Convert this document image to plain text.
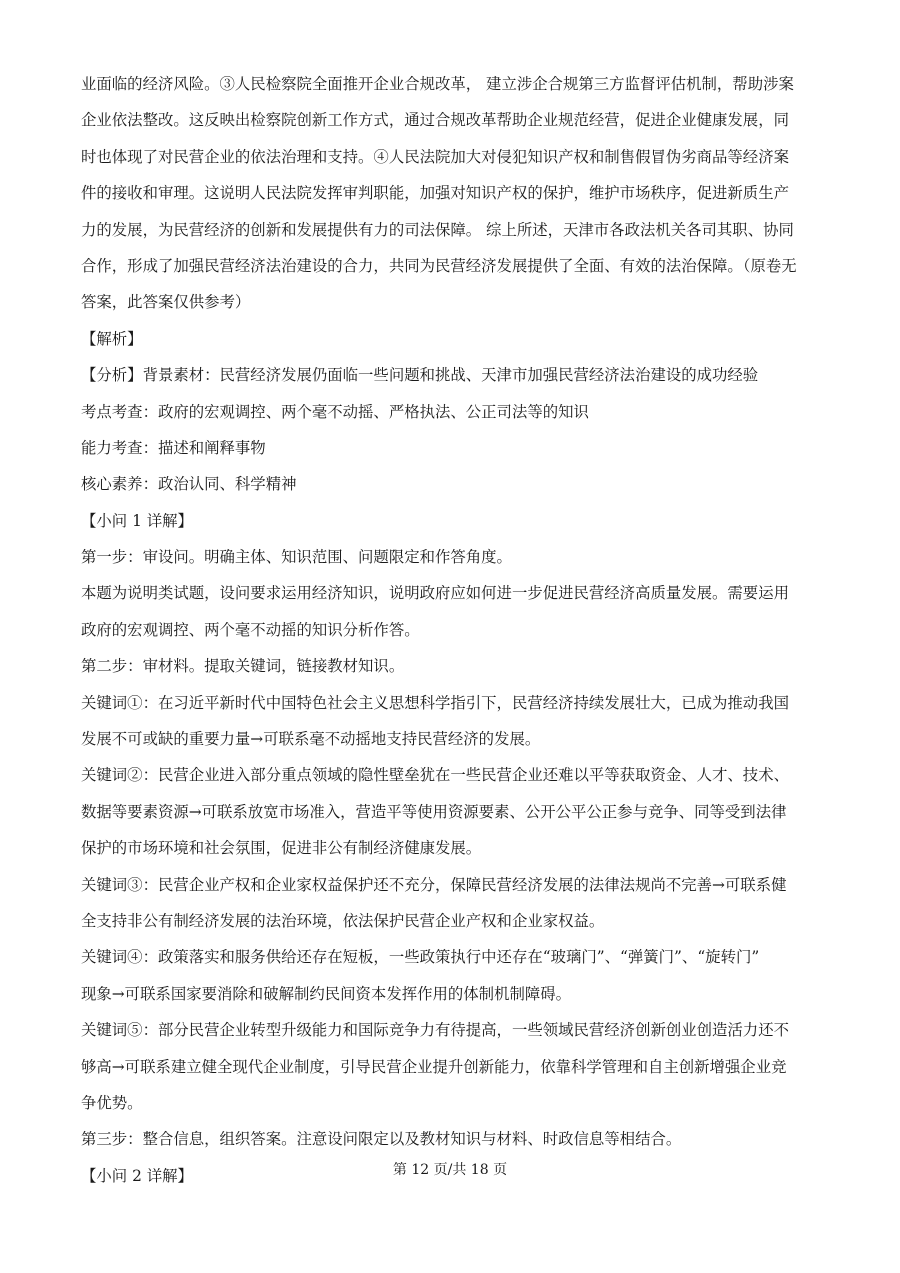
业面临的经济风险。③人民检察院全面推开企业合规改革， 建立涉企合规第三方监督评估机制，帮助涉案
企业依法整改。这反映出检察院创新工作方式，通过合规改革帮助企业规范经营，促进企业健康发展，同
时也体现了对民营企业的依法治理和支持。④人民法院加大对侵犯知识产权和制售假冒伪劣商品等经济案
件的接收和审理。这说明人民法院发挥审判职能，加强对知识产权的保护，维护市场秩序，促进新质生产
力的发展，为民营经济的创新和发展提供有力的司法保障。 综上所述，天津市各政法机关各司其职、协同
合作，形成了加强民营经济法治建设的合力，共同为民营经济发展提供了全面、有效的法治保障。（原卷无
答案，此答案仅供参考）
【解析】
【分析】背景素材：民营经济发展仍面临一些问题和挑战、天津市加强民营经济法治建设的成功经验
考点考查：政府的宏观调控、两个毫不动摇、严格执法、公正司法等的知识
能力考查：描述和阐释事物
核心素养：政治认同、科学精神
【小问 1 详解】
第一步：审设问。明确主体、知识范围、问题限定和作答角度。
本题为说明类试题，设问要求运用经济知识，说明政府应如何进一步促进民营经济高质量发展。需要运用
政府的宏观调控、两个毫不动摇的知识分析作答。
第二步：审材料。提取关键词，链接教材知识。
关键词①：在习近平新时代中国特色社会主义思想科学指引下，民营经济持续发展壮大，已成为推动我国
发展不可或缺的重要力量→可联系毫不动摇地支持民营经济的发展。
关键词②：民营企业进入部分重点领域的隐性壁垒犹在一些民营企业还难以平等获取资金、人才、技术、
数据等要素资源→可联系放宽市场准入，营造平等使用资源要素、公开公平公正参与竞争、同等受到法律
保护的市场环境和社会氛围，促进非公有制经济健康发展。
关键词③：民营企业产权和企业家权益保护还不充分，保障民营经济发展的法律法规尚不完善→可联系健
全支持非公有制经济发展的法治环境，依法保护民营企业产权和企业家权益。
关键词④：政策落实和服务供给还存在短板，一些政策执行中还存在“玻璃门”、“弹簧门”、“旋转门”
现象→可联系国家要消除和破解制约民间资本发挥作用的体制机制障碍。
关键词⑤：部分民营企业转型升级能力和国际竞争力有待提高，一些领域民营经济创新创业创造活力还不
够高→可联系建立健全现代企业制度，引导民营企业提升创新能力，依靠科学管理和自主创新增强企业竞
争优势。
第三步：整合信息，组织答案。注意设问限定以及教材知识与材料、时政信息等相结合。
【小问 2 详解】	第 12 页/共 18 页
